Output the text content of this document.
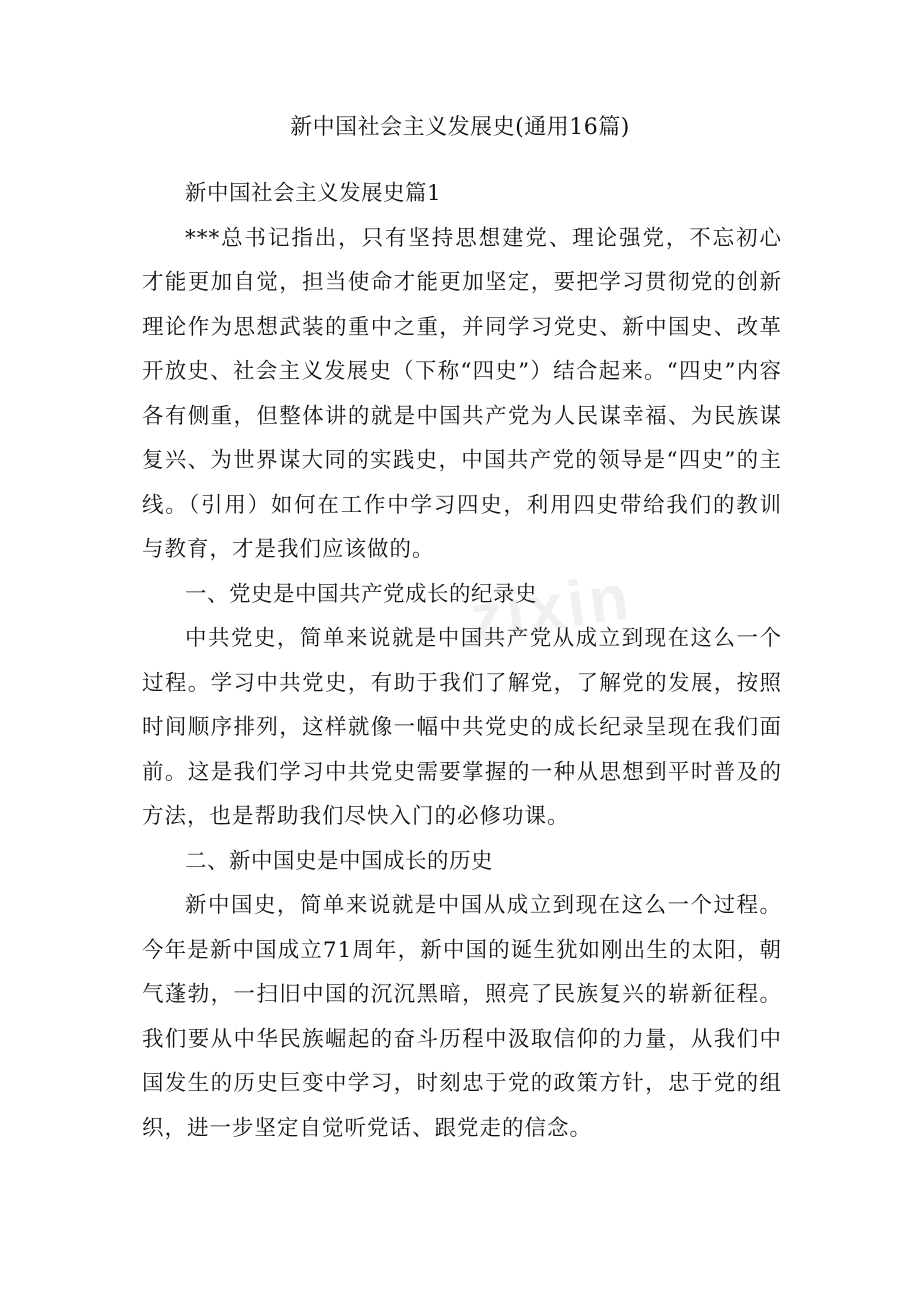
新中国社会主义发展史(通用16篇)

新中国社会主义发展史篇1

***总书记指出，只有坚持思想建党、理论强党，不忘初心才能更加自觉，担当使命才能更加坚定，要把学习贯彻党的创新理论作为思想武装的重中之重，并同学习党史、新中国史、改革开放史、社会主义发展史（下称“四史”）结合起来。“四史”内容各有侧重，但整体讲的就是中国共产党为人民谋幸福、为民族谋复兴、为世界谋大同的实践史，中国共产党的领导是“四史”的主线。（引用）如何在工作中学习四史，利用四史带给我们的教训与教育，才是我们应该做的。

一、党史是中国共产党成长的纪录史

中共党史，简单来说就是中国共产党从成立到现在这么一个过程。学习中共党史，有助于我们了解党，了解党的发展，按照时间顺序排列，这样就像一幅中共党史的成长纪录呈现在我们面前。这是我们学习中共党史需要掌握的一种从思想到平时普及的方法，也是帮助我们尽快入门的必修功课。

二、新中国史是中国成长的历史

新中国史，简单来说就是中国从成立到现在这么一个过程。今年是新中国成立71周年，新中国的诞生犹如刚出生的太阳，朝气蓬勃，一扫旧中国的沉沉黑暗，照亮了民族复兴的崭新征程。我们要从中华民族崛起的奋斗历程中汲取信仰的力量，从我们中国发生的历史巨变中学习，时刻忠于党的政策方针，忠于党的组织，进一步坚定自觉听党话、跟党走的信念。

zixin
